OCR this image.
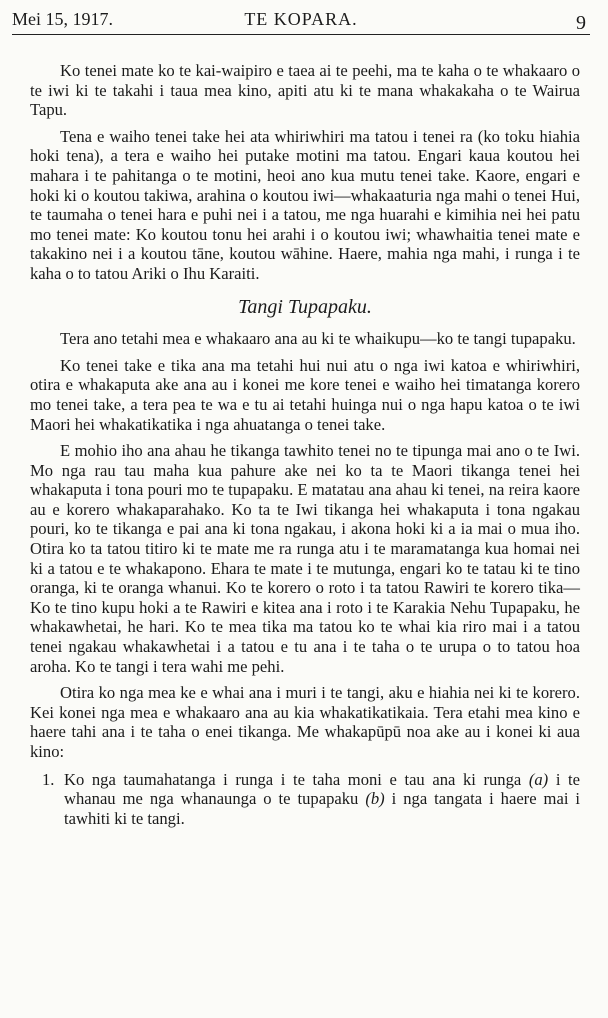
Mei 15, 1917.	TE KOPARA.	9

Ko tenei mate ko te kai-waipiro e taea ai te peehi, ma te kaha o te whakaaro o te iwi ki te takahi i taua mea kino, apiti atu ki te mana whakakaha o te Wairua Tapu.

Tena e waiho tenei take hei ata whiriwhiri ma tatou i tenei ra (ko toku hiahia hoki tena), a tera e waiho hei putake motini ma tatou. Engari kaua koutou hei mahara i te pahitanga o te motini, heoi ano kua mutu tenei take. Kaore, engari e hoki ki o koutou takiwa, arahina o koutou iwi—whakaaturia nga mahi o tenei Hui, te taumaha o tenei hara e puhi nei i a tatou, me nga huarahi e kimihia nei hei patu mo tenei mate: Ko koutou tonu hei arahi i o koutou iwi; whawhaitia tenei mate e takakino nei i a koutou tāne, koutou wāhine. Haere, mahia nga mahi, i runga i te kaha o to tatou Ariki o Ihu Karaiti.

Tangi Tupapaku.

Tera ano tetahi mea e whakaaro ana au ki te whaikupu—ko te tangi tupapaku.

Ko tenei take e tika ana ma tetahi hui nui atu o nga iwi katoa e whiriwhiri, otira e whakaputa ake ana au i konei me kore tenei e waiho hei timatanga korero mo tenei take, a tera pea te wa e tu ai tetahi huinga nui o nga hapu katoa o te iwi Maori hei whakatikatika i nga ahuatanga o tenei take.

E mohio iho ana ahau he tikanga tawhito tenei no te tipunga mai ano o te Iwi. Mo nga rau tau maha kua pahure ake nei ko ta te Maori tikanga tenei hei whakaputa i tona pouri mo te tupapaku. E matatau ana ahau ki tenei, na reira kaore au e korero whakaparahako. Ko ta te Iwi tikanga hei whakaputa i tona ngakau pouri, ko te tikanga e pai ana ki tona ngakau, i akona hoki ki a ia mai o mua iho. Otira ko ta tatou titiro ki te mate me ra runga atu i te maramatanga kua homai nei ki a tatou e te whakapono. Ehara te mate i te mutunga, engari ko te tatau ki te tino oranga, ki te oranga whanui. Ko te korero o roto i ta tatou Rawiri te korero tika—Ko te tino kupu hoki a te Rawiri e kitea ana i roto i te Karakia Nehu Tupapaku, he whakawhetai, he hari. Ko te mea tika ma tatou ko te whai kia riro mai i a tatou tenei ngakau whakawhetai i a tatou e tu ana i te taha o te urupa o to tatou hoa aroha. Ko te tangi i tera wahi me pehi.

Otira ko nga mea ke e whai ana i muri i te tangi, aku e hiahia nei ki te korero. Kei konei nga mea e whakaaro ana au kia whakatikatikaia. Tera etahi mea kino e haere tahi ana i te taha o enei tikanga. Me whakapūpū noa ake au i konei ki aua kino:

1. Ko nga taumahatanga i runga i te taha moni e tau ana ki runga (a) i te whanau me nga whanaunga o te tupapaku (b) i nga tangata i haere mai i tawhiti ki te tangi.
